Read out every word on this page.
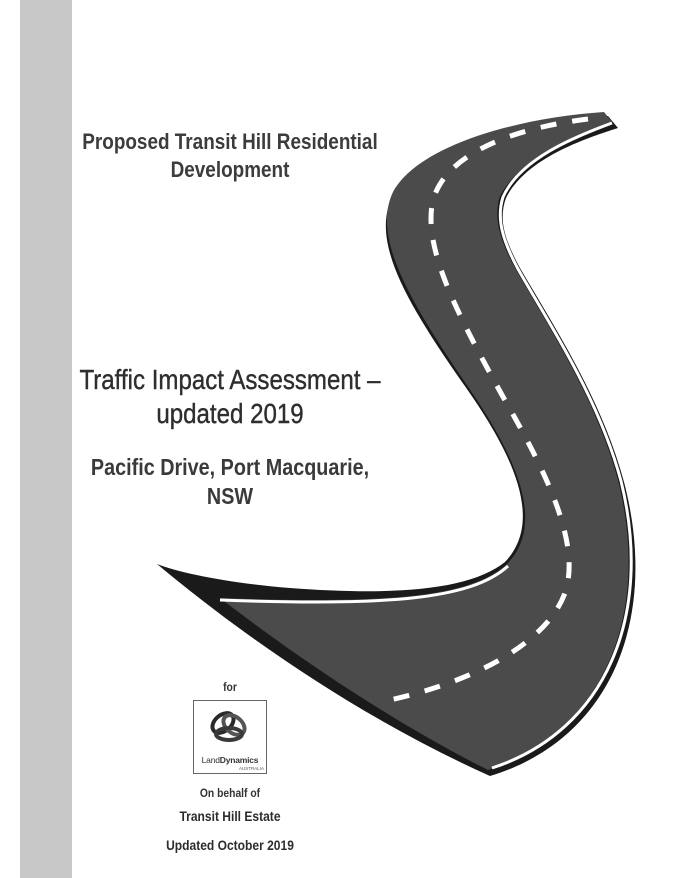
Proposed Transit Hill Residential
Development
Traffic Impact Assessment –
updated 2019
Pacific Drive, Port Macquarie,
NSW
for
LandDynamics
AUSTRALIA
On behalf of
Transit Hill Estate
Updated October 2019
